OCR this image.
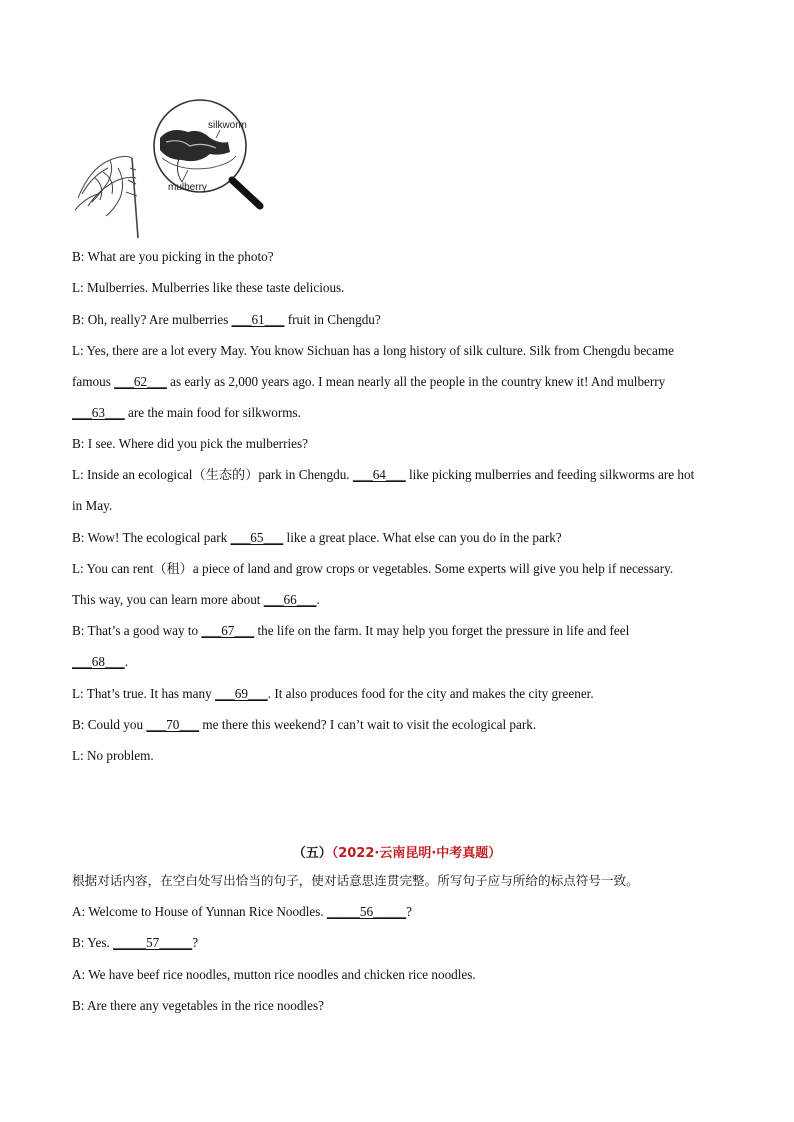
silkworm
mulberry
B: What are you picking in the photo?
L: Mulberries. Mulberries like these taste delicious.
B: Oh, really? Are mulberries ___61___ fruit in Chengdu?
L: Yes, there are a lot every May. You know Sichuan has a long history of silk culture. Silk from Chengdu became
famous ___62___ as early as 2,000 years ago. I mean nearly all the people in the country knew it! And mulberry
___63___ are the main food for silkworms.
B: I see. Where did you pick the mulberries?
L: Inside an ecological（生态的）park in Chengdu. ___64___ like picking mulberries and feeding silkworms are hot
in May.
B: Wow! The ecological park ___65___ like a great place. What else can you do in the park?
L: You can rent（租）a piece of land and grow crops or vegetables. Some experts will give you help if necessary.
This way, you can learn more about ___66___.
B: That’s a good way to ___67___ the life on the farm. It may help you forget the pressure in life and feel
___68___.
L: That’s true. It has many ___69___. It also produces food for the city and makes the city greener.
B: Could you ___70___ me there this weekend? I can’t wait to visit the ecological park.
L: No problem.
（五）（2022·云南昆明·中考真题）
根据对话内容，在空白处写出恰当的句子，使对话意思连贯完整。所写句子应与所给的标点符号一致。
A: Welcome to House of Yunnan Rice Noodles. _____56_____?
B: Yes. _____57_____?
A: We have beef rice noodles, mutton rice noodles and chicken rice noodles.
B: Are there any vegetables in the rice noodles?
